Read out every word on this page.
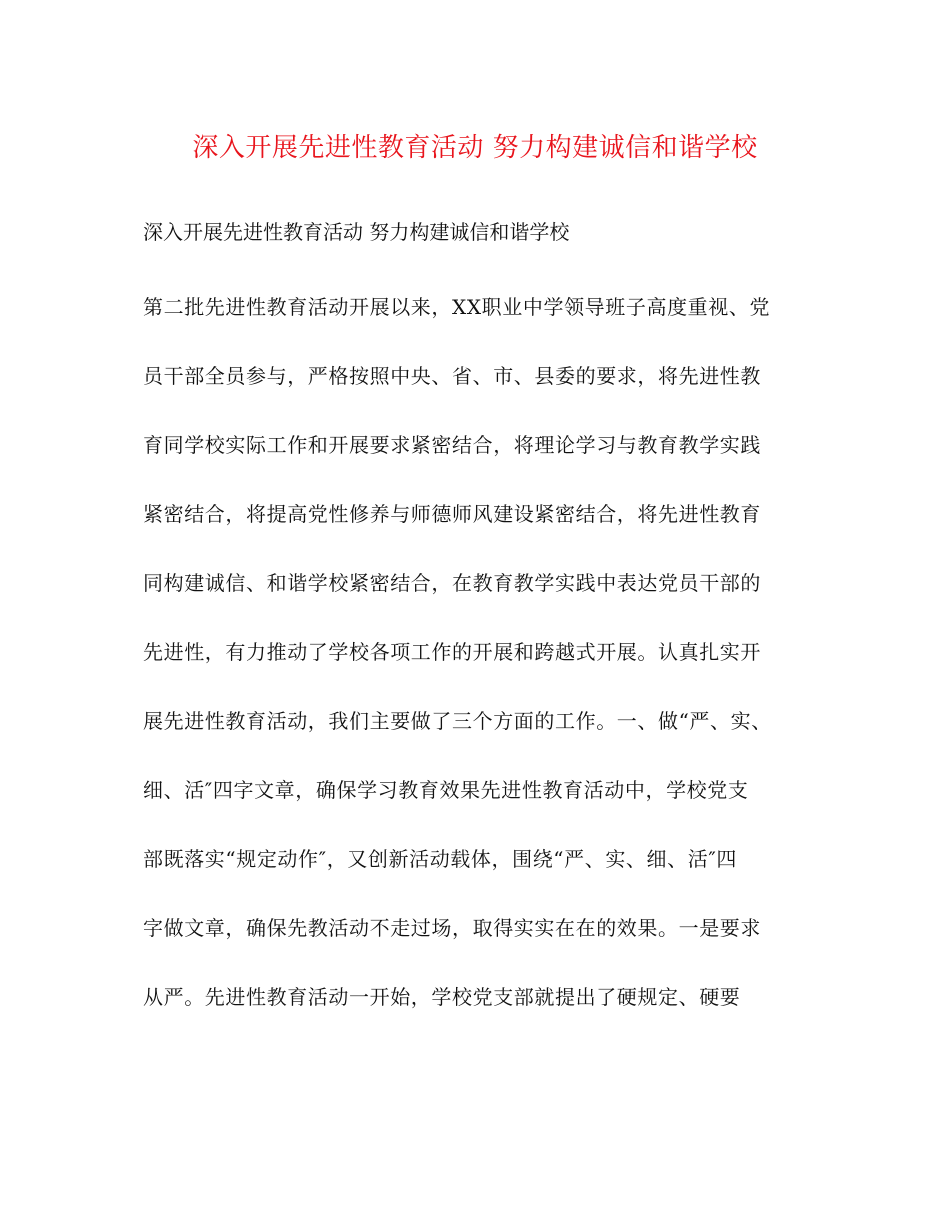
深入开展先进性教育活动 努力构建诚信和谐学校
深入开展先进性教育活动 努力构建诚信和谐学校
第二批先进性教育活动开展以来，XX职业中学领导班子高度重视、党
员干部全员参与，严格按照中央、省、市、县委的要求，将先进性教
育同学校实际工作和开展要求紧密结合，将理论学习与教育教学实践
紧密结合，将提高党性修养与师德师风建设紧密结合，将先进性教育
同构建诚信、和谐学校紧密结合，在教育教学实践中表达党员干部的
先进性，有力推动了学校各项工作的开展和跨越式开展。认真扎实开
展先进性教育活动，我们主要做了三个方面的工作。一、做“严、实、
细、活″四字文章，确保学习教育效果先进性教育活动中，学校党支
部既落实“规定动作″，又创新活动载体，围绕“严、实、细、活″四
字做文章，确保先教活动不走过场，取得实实在在的效果。一是要求
从严。先进性教育活动一开始，学校党支部就提出了硬规定、硬要
